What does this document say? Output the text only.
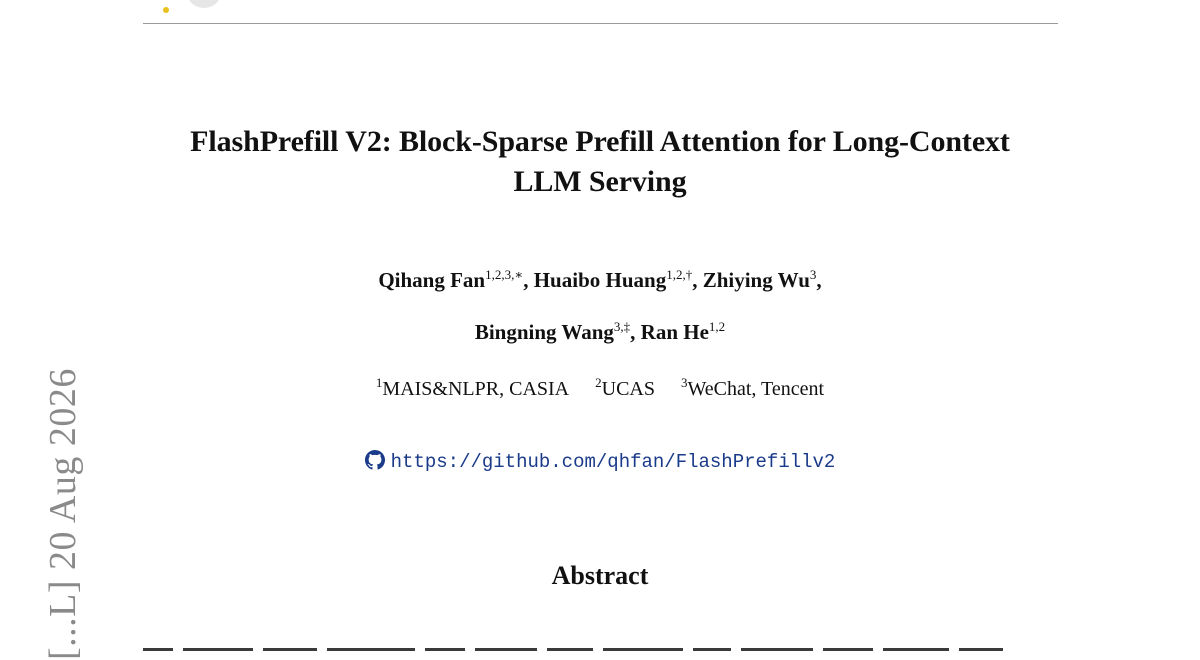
FlashPrefill V2: Block-Sparse Prefill Attention for Long-Context
LLM Serving
Qihang Fan$^{1,2,3,∗}$, Huaibo Huang$^{1,2,\dagger}$, Zhiying Wu$^3$,
Bingning Wang$^{3,\ddagger}$, Ran He$^{1,2}$
$^1$MAIS&NLPR, CASIA $^2$UCAS $^3$WeChat, Tencent
https://github.com/qhfan/FlashPrefillv2
Abstract
[...L] 20 Aug 2026
